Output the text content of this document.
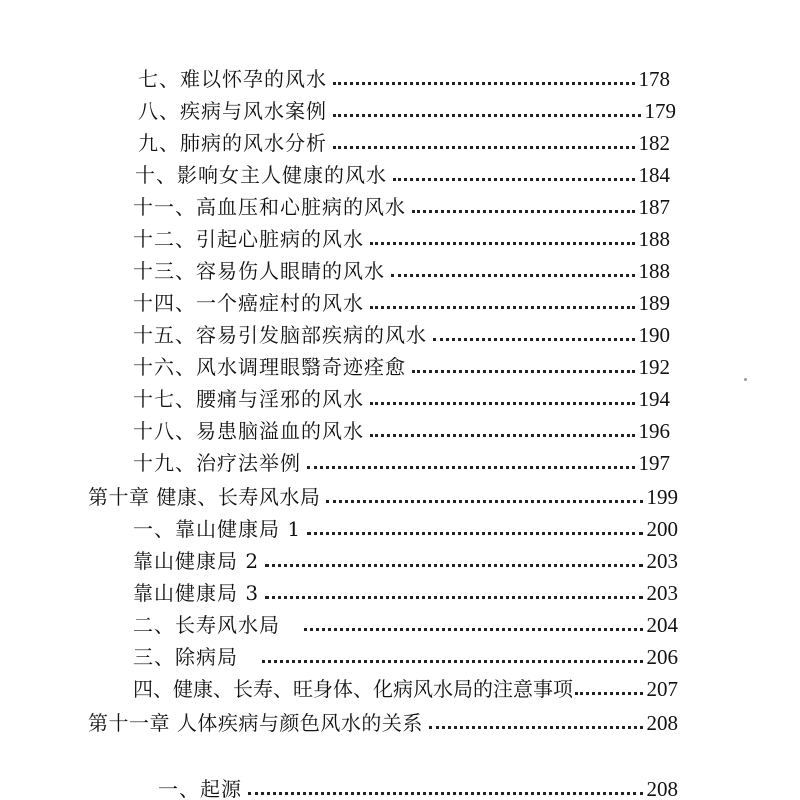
七、难以怀孕的风水	178
八、疾病与风水案例	179
九、肺病的风水分析	182
十、影响女主人健康的风水	184
十一、高血压和心脏病的风水	187
十二、引起心脏病的风水	188
十三、容易伤人眼睛的风水	188
十四、一个癌症村的风水	189
十五、容易引发脑部疾病的风水	190
十六、风水调理眼翳奇迹痊愈	192
十七、腰痛与淫邪的风水	194
十八、易患脑溢血的风水	196
十九、治疗法举例	197
第十章 健康、长寿风水局	199
一、靠山健康局 1	200
靠山健康局 2	203
靠山健康局 3	203
二、长寿风水局	204
三、除病局	206
四、健康、长寿、旺身体、化病风水局的注意事项	207
第十一章 人体疾病与颜色风水的关系	208
一、起源	208
